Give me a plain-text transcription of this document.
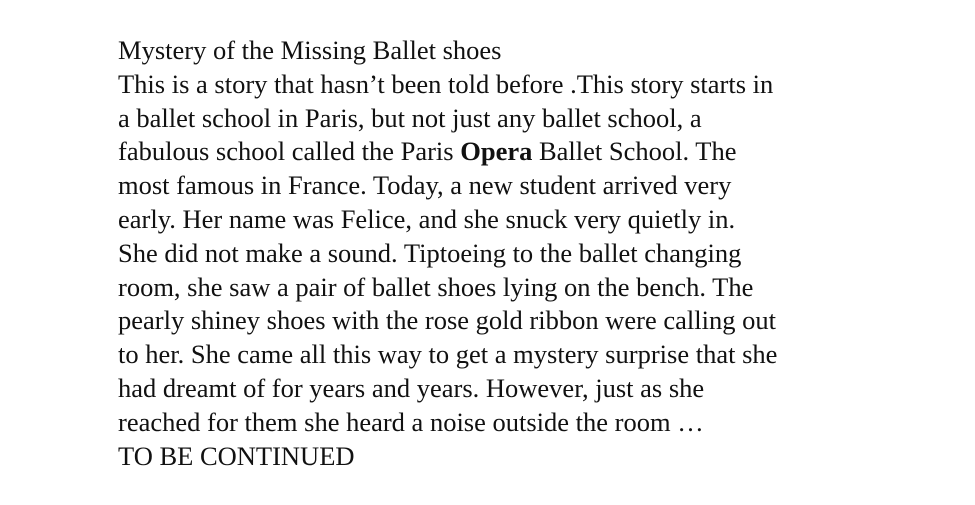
Mystery of the Missing Ballet shoes
This is a story that hasn’t been told before .This story starts in
a ballet school in Paris, but not just any ballet school, a
fabulous school called the Paris Opera Ballet School. The
most famous in France. Today, a new student arrived very
early. Her name was Felice, and she snuck very quietly in.
She did not make a sound. Tiptoeing to the ballet changing
room, she saw a pair of ballet shoes lying on the bench. The
pearly shiney shoes with the rose gold ribbon were calling out
to her. She came all this way to get a mystery surprise that she
had dreamt of for years and years. However, just as she
reached for them she heard a noise outside the room …
TO BE CONTINUED
